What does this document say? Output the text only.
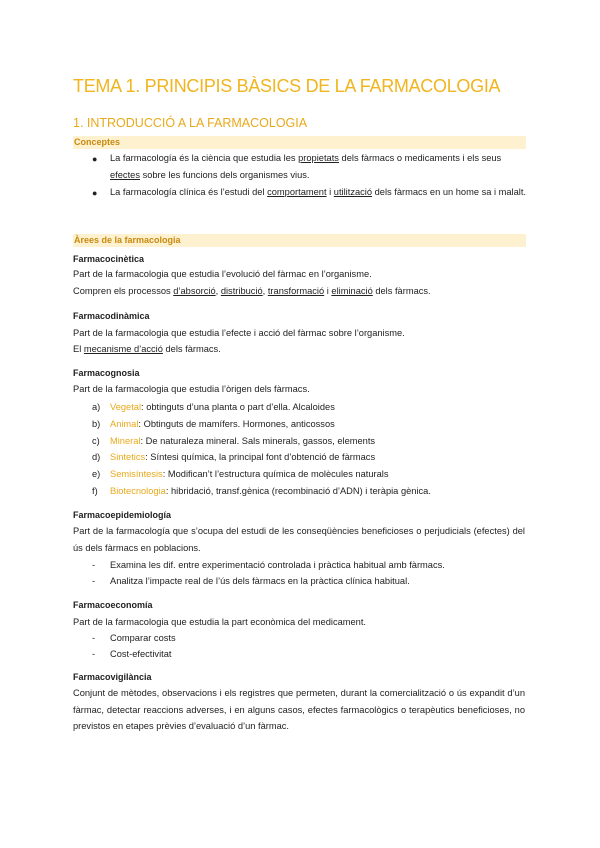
TEMA 1. PRINCIPIS BÀSICS DE LA FARMACOLOGIA
1. INTRODUCCIÓ A LA FARMACOLOGIA
Conceptes
● La farmacología és la ciència que estudia les propietats dels fàrmacs o medicaments i els seus efectes sobre les funcions dels organismes vius.
● La farmacología clínica és l’estudi del comportament i utilització dels fàrmacs en un home sa i malalt.
Àrees de la farmacologia
Farmacocinètica
Part de la farmacologia que estudia l’evolució del fàrmac en l’organisme.
Compren els processos d’absorció, distribució, transformació i eliminació dels fàrmacs.
Farmacodinàmica
Part de la farmacologia que estudia l’efecte i acció del fàrmac sobre l’organisme.
El mecanisme d’acció dels fàrmacs.
Farmacognosia
Part de la farmacologia que estudia l’òrigen dels fàrmacs.
a) Vegetal: obtinguts d’una planta o part d’ella. Alcaloides
b) Animal: Obtinguts de mamífers. Hormones, anticossos
c) Mineral: De naturaleza mineral. Sals minerals, gassos, elements
d) Sintetics: Síntesi química, la principal font d’obtenció de fàrmacs
e) Semisíntesis: Modifican’t l’estructura química de molècules naturals
f) Biotecnologia: hibridació, transf.gènica (recombinació d’ADN) i teràpia gènica.
Farmacoepidemiología
Part de la farmacología que s’ocupa del estudi de les conseqüències beneficioses o perjudicials (efectes) del ús dels fàrmacs en poblacions.
- Examina les dif. entre experimentació controlada i pràctica habitual amb fàrmacs.
- Analitza l’impacte real de l’ús dels fàrmacs en la pràctica clínica habitual.
Farmacoeconomía
Part de la farmacologia que estudia la part econòmica del medicament.
- Comparar costs
- Cost-efectivitat
Farmacovigilància
Conjunt de mètodes, observacions i els registres que permeten, durant la comercialització o ús expandit d’un fàrmac, detectar reaccions adverses, i en alguns casos, efectes farmacològics o terapèutics beneficioses, no previstos en etapes prèvies d’evaluació d’un fàrmac.
